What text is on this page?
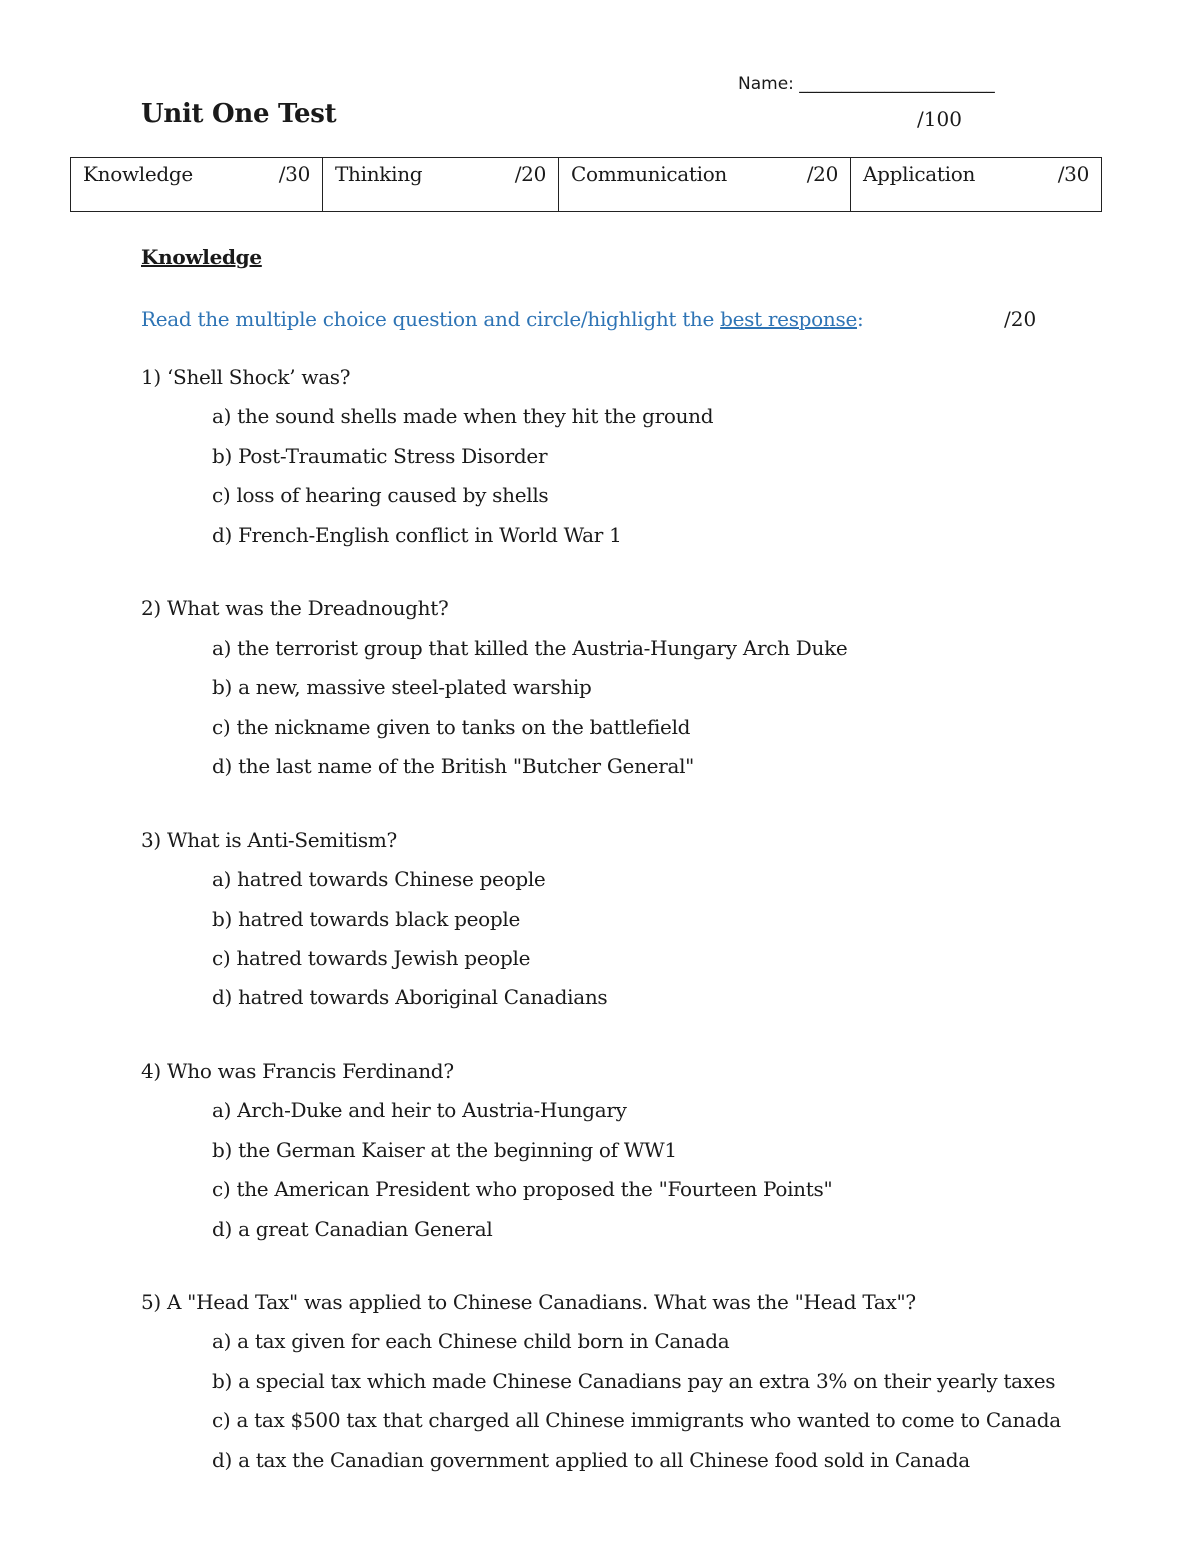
Name: _______________________
Unit One Test	/100
Knowledge	/30	Thinking	/20	Communication	/20	Application	/30
Knowledge
Read the multiple choice question and circle/highlight the best response:	/20
1) ‘Shell Shock’ was?
a) the sound shells made when they hit the ground
b) Post-Traumatic Stress Disorder
c) loss of hearing caused by shells
d) French-English conflict in World War 1
2) What was the Dreadnought?
a) the terrorist group that killed the Austria-Hungary Arch Duke
b) a new, massive steel-plated warship
c) the nickname given to tanks on the battlefield
d) the last name of the British "Butcher General"
3) What is Anti-Semitism?
a) hatred towards Chinese people
b) hatred towards black people
c) hatred towards Jewish people
d) hatred towards Aboriginal Canadians
4) Who was Francis Ferdinand?
a) Arch-Duke and heir to Austria-Hungary
b) the German Kaiser at the beginning of WW1
c) the American President who proposed the "Fourteen Points"
d) a great Canadian General
5) A "Head Tax" was applied to Chinese Canadians. What was the "Head Tax"?
a) a tax given for each Chinese child born in Canada
b) a special tax which made Chinese Canadians pay an extra 3% on their yearly taxes
c) a tax $500 tax that charged all Chinese immigrants who wanted to come to Canada
d) a tax the Canadian government applied to all Chinese food sold in Canada
